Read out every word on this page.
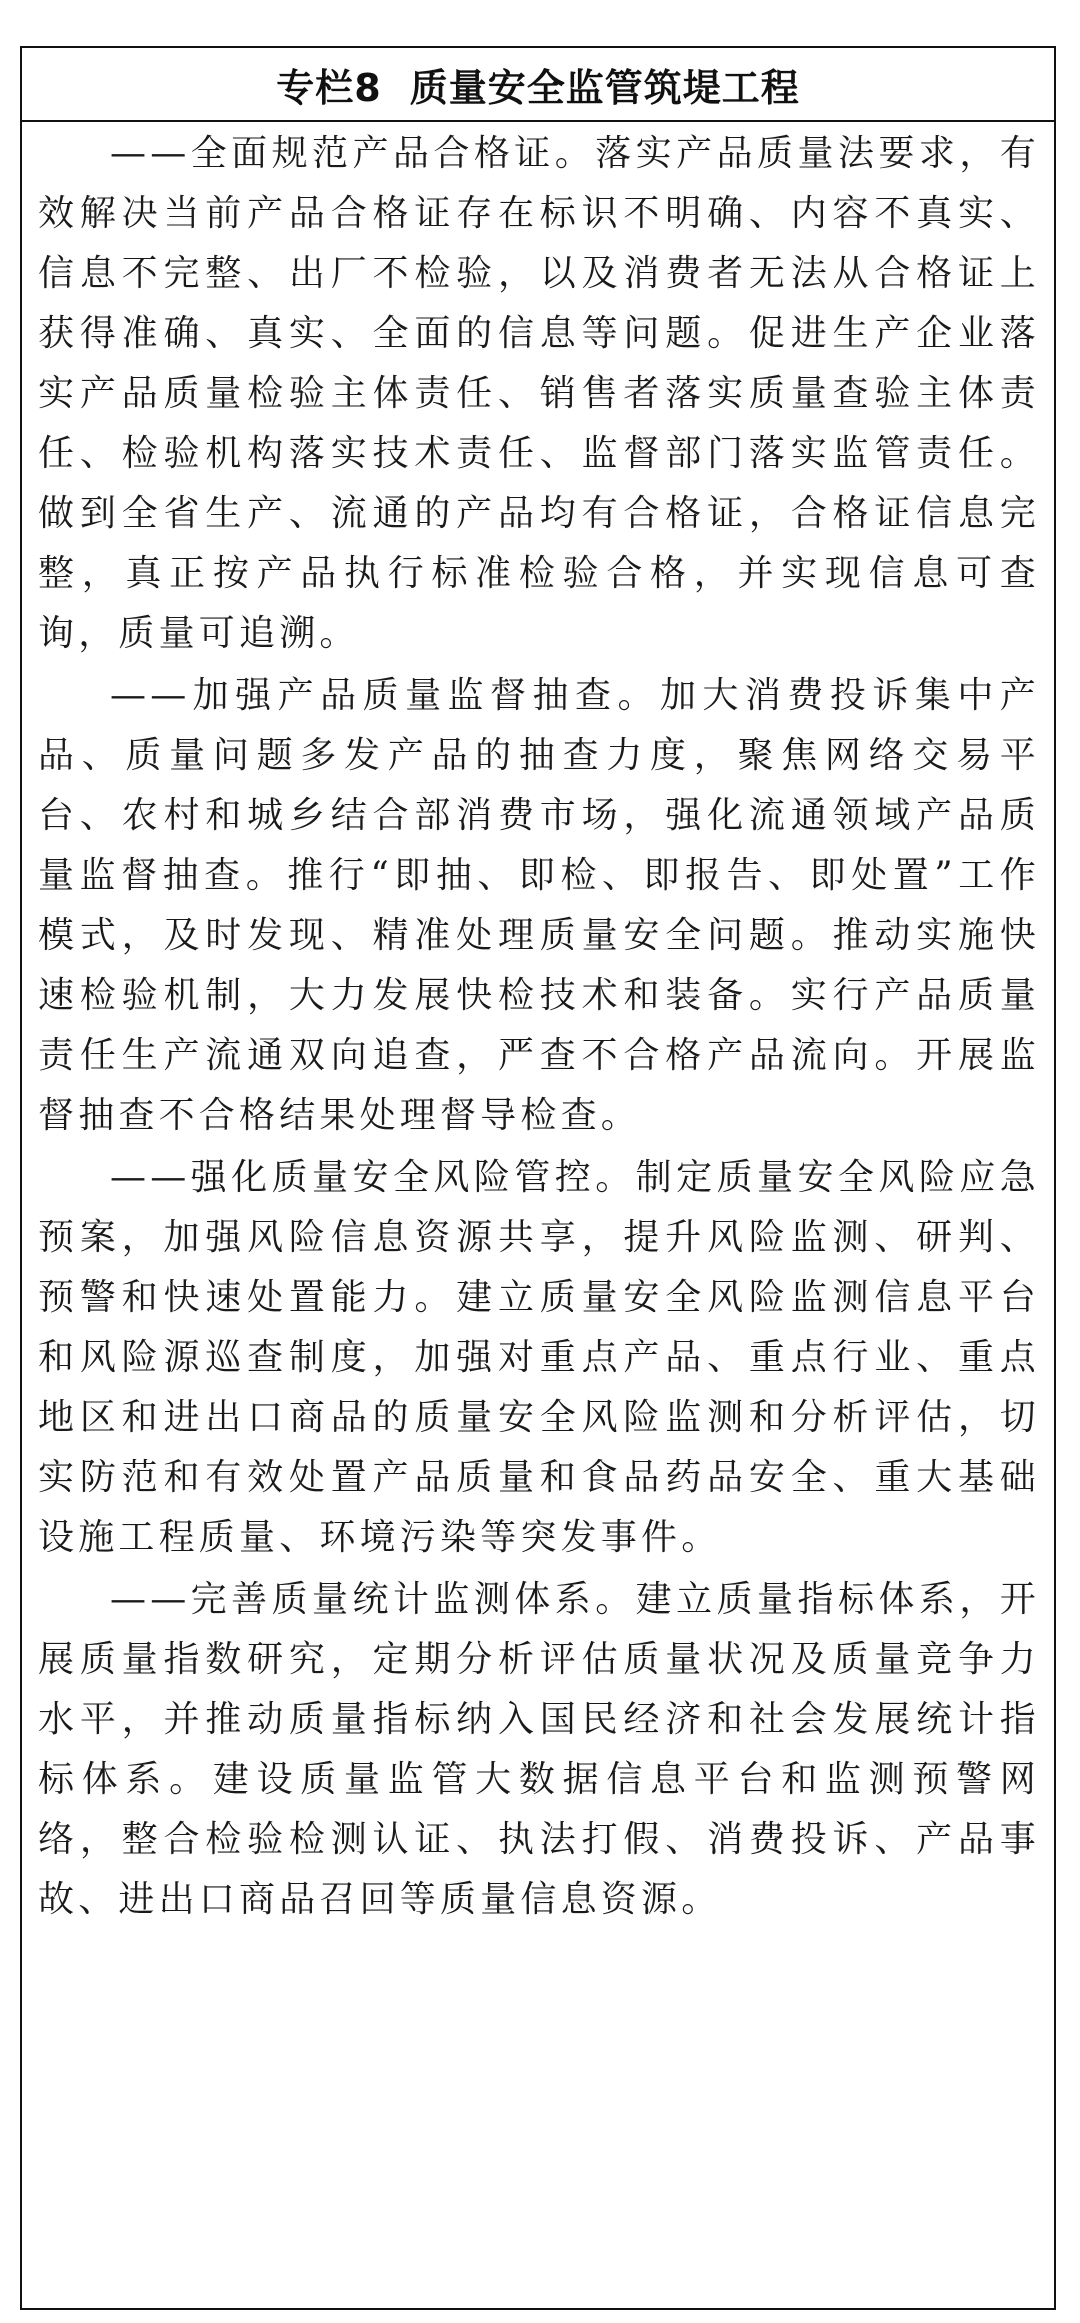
专栏8 质量安全监管筑堤工程

——全面规范产品合格证。落实产品质量法要求，有效解决当前产品合格证存在标识不明确、内容不真实、信息不完整、出厂不检验，以及消费者无法从合格证上获得准确、真实、全面的信息等问题。促进生产企业落实产品质量检验主体责任、销售者落实质量查验主体责任、检验机构落实技术责任、监督部门落实监管责任。做到全省生产、流通的产品均有合格证，合格证信息完整，真正按产品执行标准检验合格，并实现信息可查询，质量可追溯。

——加强产品质量监督抽查。加大消费投诉集中产品、质量问题多发产品的抽查力度，聚焦网络交易平台、农村和城乡结合部消费市场，强化流通领域产品质量监督抽查。推行“即抽、即检、即报告、即处置”工作模式，及时发现、精准处理质量安全问题。推动实施快速检验机制，大力发展快检技术和装备。实行产品质量责任生产流通双向追查，严查不合格产品流向。开展监督抽查不合格结果处理督导检查。

——强化质量安全风险管控。制定质量安全风险应急预案，加强风险信息资源共享，提升风险监测、研判、预警和快速处置能力。建立质量安全风险监测信息平台和风险源巡查制度，加强对重点产品、重点行业、重点地区和进出口商品的质量安全风险监测和分析评估，切实防范和有效处置产品质量和食品药品安全、重大基础设施工程质量、环境污染等突发事件。

——完善质量统计监测体系。建立质量指标体系，开展质量指数研究，定期分析评估质量状况及质量竞争力水平，并推动质量指标纳入国民经济和社会发展统计指标体系。建设质量监管大数据信息平台和监测预警网络，整合检验检测认证、执法打假、消费投诉、产品事故、进出口商品召回等质量信息资源。
